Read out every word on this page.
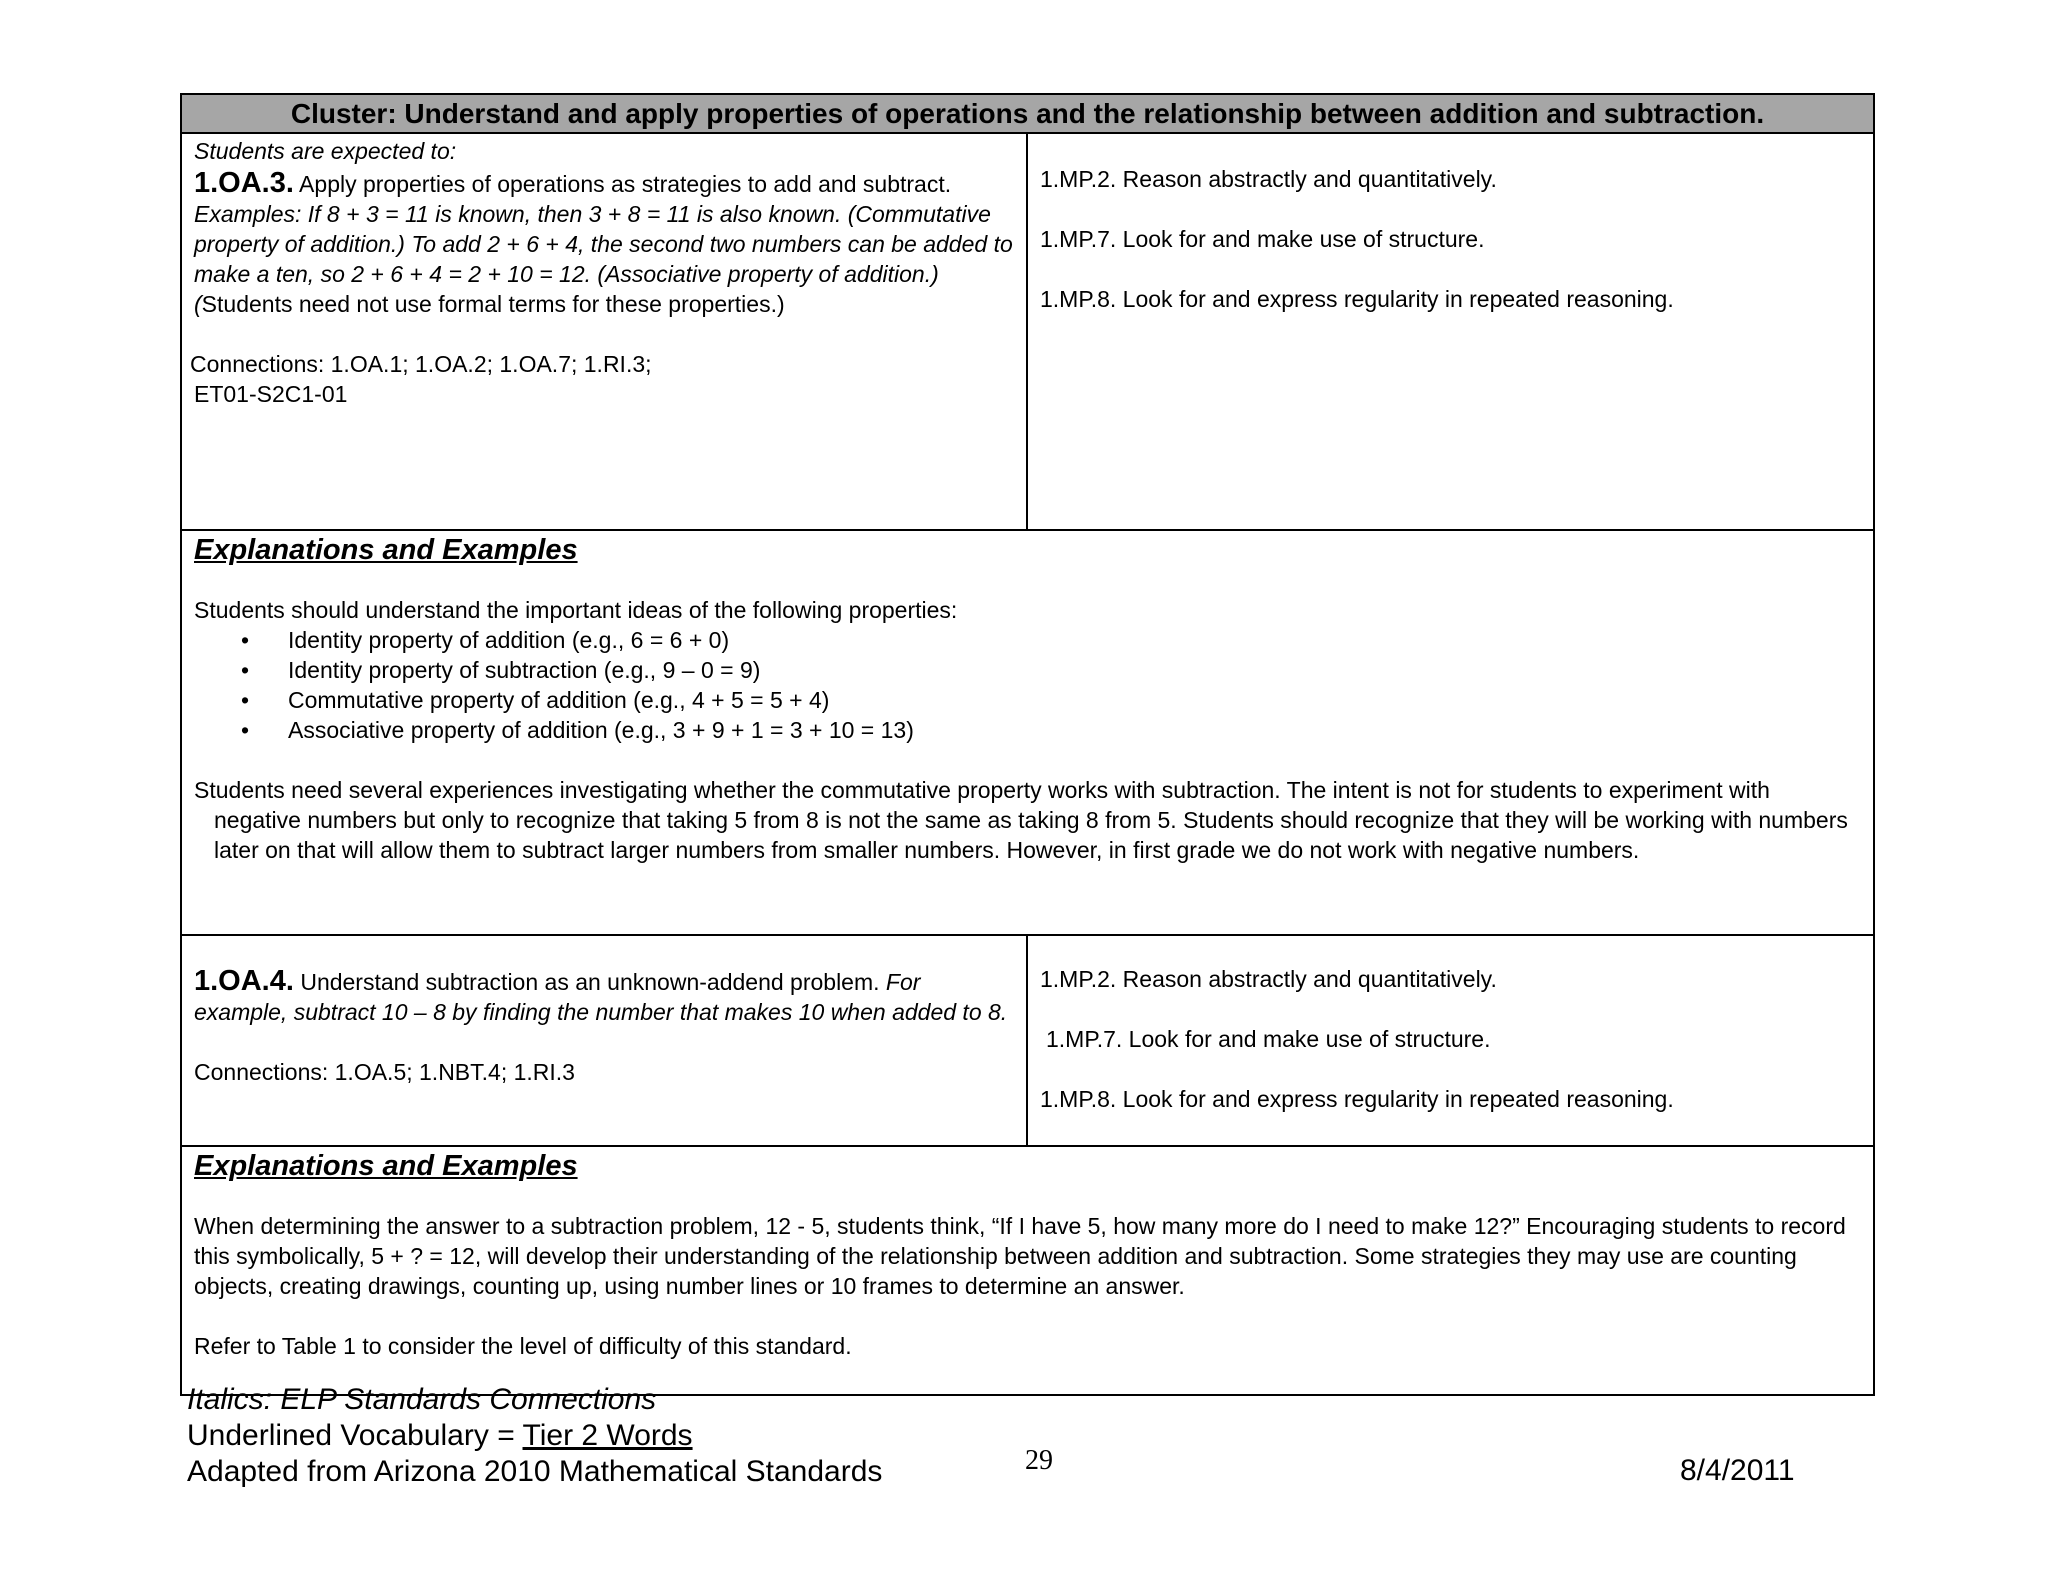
Cluster: Understand and apply properties of operations and the relationship between addition and subtraction.
Students are expected to:
1.OA.3. Apply properties of operations as strategies to add and subtract. Examples: If 8 + 3 = 11 is known, then 3 + 8 = 11 is also known. (Commutative property of addition.) To add 2 + 6 + 4, the second two numbers can be added to make a ten, so 2 + 6 + 4 = 2 + 10 = 12. (Associative property of addition.) (Students need not use formal terms for these properties.)
Connections: 1.OA.1; 1.OA.2; 1.OA.7; 1.RI.3;
ET01-S2C1-01

1.MP.2. Reason abstractly and quantitatively.

1.MP.7. Look for and make use of structure.

1.MP.8. Look for and express regularity in repeated reasoning.

Explanations and Examples
Students should understand the important ideas of the following properties:
• Identity property of addition (e.g., 6 = 6 + 0)
• Identity property of subtraction (e.g., 9 – 0 = 9)
• Commutative property of addition (e.g., 4 + 5 = 5 + 4)
• Associative property of addition (e.g., 3 + 9 + 1 = 3 + 10 = 13)
Students need several experiences investigating whether the commutative property works with subtraction. The intent is not for students to experiment with negative numbers but only to recognize that taking 5 from 8 is not the same as taking 8 from 5. Students should recognize that they will be working with numbers later on that will allow them to subtract larger numbers from smaller numbers. However, in first grade we do not work with negative numbers.
1.OA.4. Understand subtraction as an unknown-addend problem. For example, subtract 10 – 8 by finding the number that makes 10 when added to 8.
Connections: 1.OA.5; 1.NBT.4; 1.RI.3

1.MP.2. Reason abstractly and quantitatively.

1.MP.7. Look for and make use of structure.

1.MP.8. Look for and express regularity in repeated reasoning.

Explanations and Examples
When determining the answer to a subtraction problem, 12 - 5, students think, “If I have 5, how many more do I need to make 12?” Encouraging students to record this symbolically, 5 + ? = 12, will develop their understanding of the relationship between addition and subtraction. Some strategies they may use are counting objects, creating drawings, counting up, using number lines or 10 frames to determine an answer.
Refer to Table 1 to consider the level of difficulty of this standard.
Italics: ELP Standards Connections
Underlined Vocabulary = Tier 2 Words
Adapted from Arizona 2010 Mathematical Standards	29	8/4/2011
